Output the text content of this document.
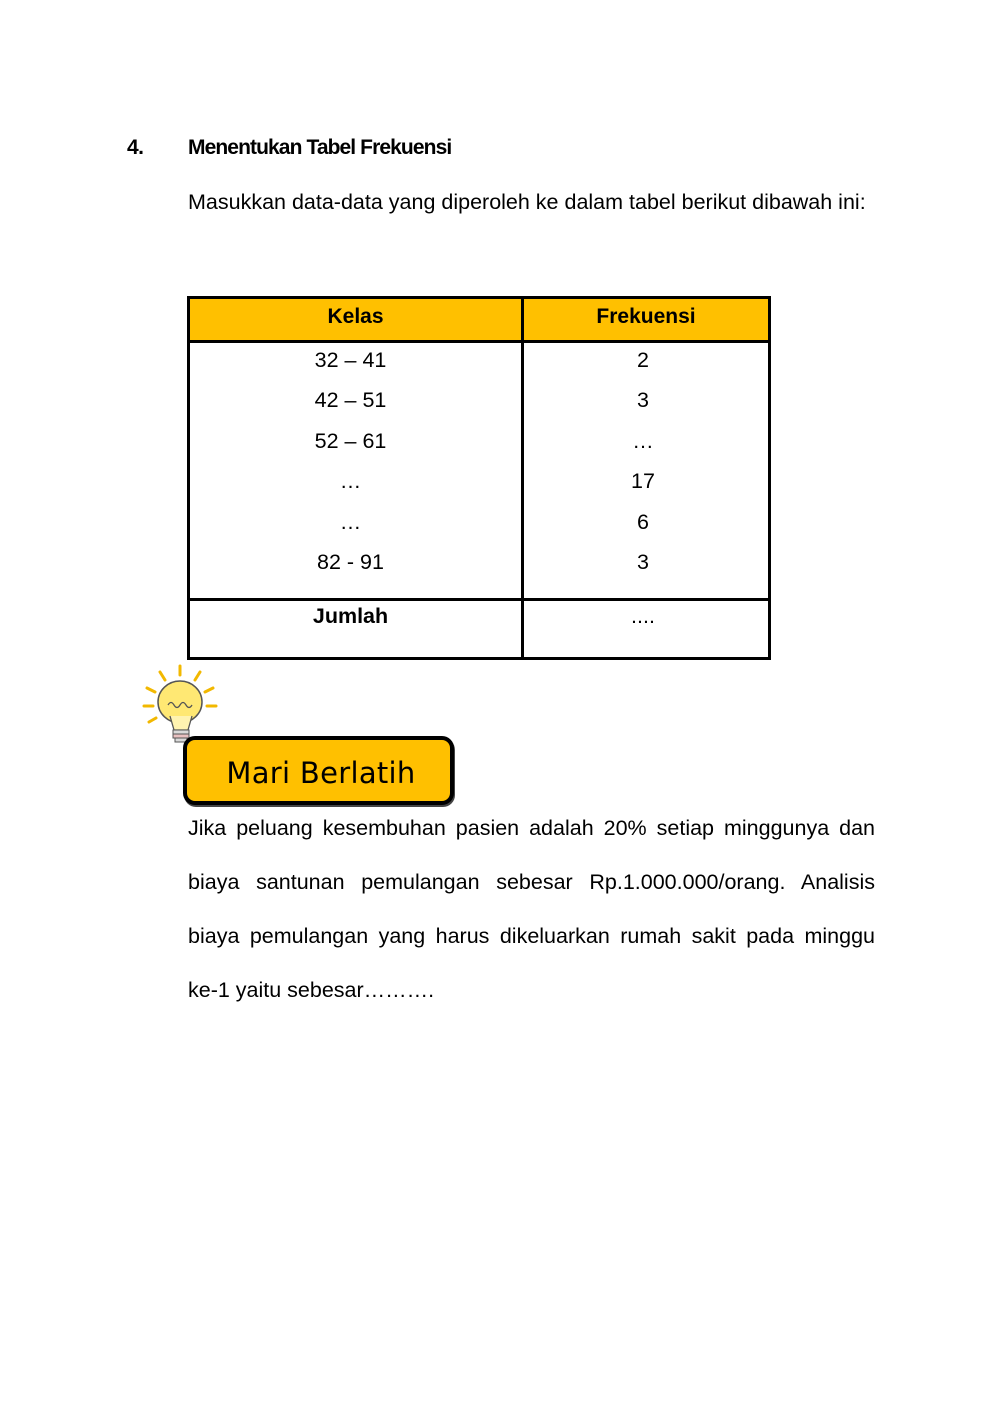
4. Menentukan Tabel Frekuensi
Masukkan data-data yang diperoleh ke dalam tabel berikut dibawah ini:
Kelas	Frekuensi
32 – 41	2
42 – 51	3
52 – 61	…
…	17
…	6
82 - 91	3
Jumlah	....
Mari Berlatih
Jika peluang kesembuhan pasien adalah 20% setiap minggunya dan biaya santunan pemulangan sebesar Rp.1.000.000/orang. Analisis biaya pemulangan yang harus dikeluarkan rumah sakit pada minggu ke-1 yaitu sebesar……….
